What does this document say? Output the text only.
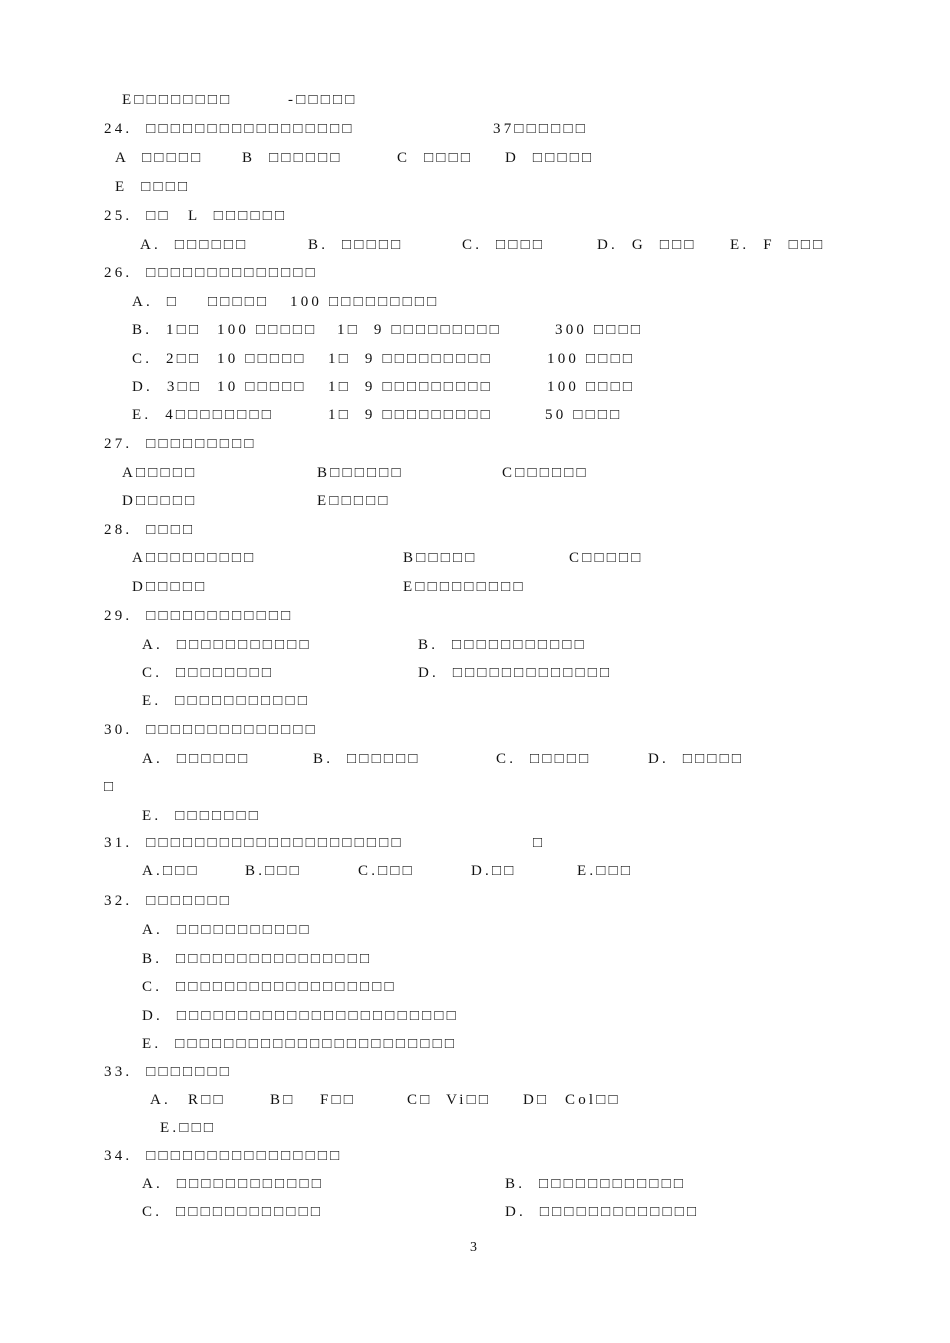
E□□□□□□□□	-□□□□□
24.  □□□□□□□□□□□□□□□□□	37□□□□□□
A  □□□□□	B  □□□□□□	C  □□□□ D  □□□□□
E  □□□□
25.  □□ L  □□□□□□
A.  □□□□□□	B.  □□□□□	C.  □□□□	D.  G  □□□ E.  F  □□□
26.  □□□□□□□□□□□□□□
A.  □ □□□□□ 100 □□□□□□□□□
B.  1□□ 100 □□□□□ 1□  9 □□□□□□□□□	300 □□□□
C.  2□□ 10 □□□□□ 1□  9 □□□□□□□□□	100 □□□□
D.  3□□ 10 □□□□□ 1□  9 □□□□□□□□□	100 □□□□
E.  4□□□□□□□□	1□  9 □□□□□□□□□	50 □□□□
27.  □□□□□□□□□
A□□□□□	B□□□□□□	C□□□□□□
D□□□□□	E□□□□□
28.  □□□□
A□□□□□□□□□	B□□□□□	C□□□□□
D□□□□□	E□□□□□□□□□
29.  □□□□□□□□□□□□
A.  □□□□□□□□□□□	B.  □□□□□□□□□□□
C.  □□□□□□□□	D.  □□□□□□□□□□□□□
E.  □□□□□□□□□□□
30.  □□□□□□□□□□□□□□
A.  □□□□□□	B.  □□□□□□	C.  □□□□□	D.  □□□□□
□
E.  □□□□□□□
31.  □□□□□□□□□□□□□□□□□□□□□	□
A.□□□	B.□□□	C.□□□	D.□□	E.□□□
32.  □□□□□□□
A.  □□□□□□□□□□□
B.  □□□□□□□□□□□□□□□□
C.  □□□□□□□□□□□□□□□□□□
D.  □□□□□□□□□□□□□□□□□□□□□□□
E.  □□□□□□□□□□□□□□□□□□□□□□□
33.  □□□□□□□
A. R□□	B□ F□□	C□  Vi□□ D□ Col□□
E.□□□
34.  □□□□□□□□□□□□□□□□
A.  □□□□□□□□□□□□	B.  □□□□□□□□□□□□
C.  □□□□□□□□□□□□	D.  □□□□□□□□□□□□□
3
